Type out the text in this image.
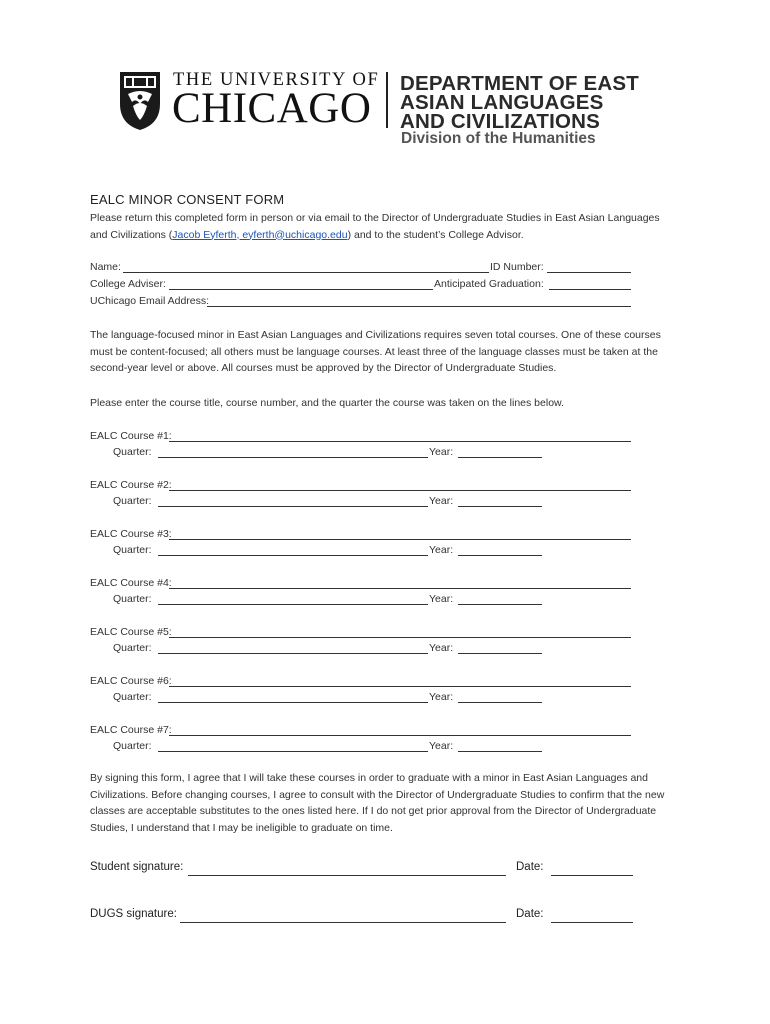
THE UNIVERSITY OF
CHICAGO
DEPARTMENT OF EAST
ASIAN LANGUAGES
AND CIVILIZATIONS
Division of the Humanities
EALC MINOR CONSENT FORM
Please return this completed form in person or via email to the Director of Undergraduate Studies in East Asian Languages and Civilizations (Jacob Eyferth, eyferth@uchicago.edu) and to the student’s College Advisor.
Name:	ID Number:
College Adviser:	Anticipated Graduation:
UChicago Email Address:
The language-focused minor in East Asian Languages and Civilizations requires seven total courses. One of these courses must be content-focused; all others must be language courses. At least three of the language classes must be taken at the second-year level or above. All courses must be approved by the Director of Undergraduate Studies.
Please enter the course title, course number, and the quarter the course was taken on the lines below.
EALC Course #1:
Quarter:	Year:
EALC Course #2:
Quarter:	Year:
EALC Course #3:
Quarter:	Year:
EALC Course #4:
Quarter:	Year:
EALC Course #5:
Quarter:	Year:
EALC Course #6:
Quarter:	Year:
EALC Course #7:
Quarter:	Year:
By signing this form, I agree that I will take these courses in order to graduate with a minor in East Asian Languages and Civilizations. Before changing courses, I agree to consult with the Director of Undergraduate Studies to confirm that the new classes are acceptable substitutes to the ones listed here. If I do not get prior approval from the Director of Undergraduate Studies, I understand that I may be ineligible to graduate on time.
Student signature:	Date:
DUGS signature:	Date:
